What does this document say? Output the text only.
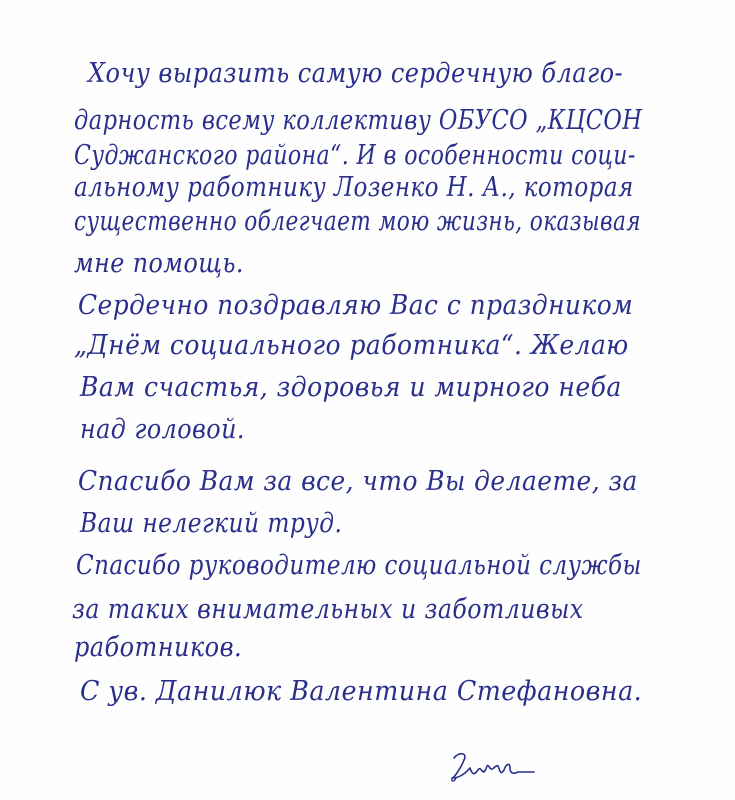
Хочу выразить самую сердечную благо-
дарность всему коллективу ОБУСО „КЦСОН
Суджанского района“. И в особенности соци-
альному работнику Лозенко Н. А., которая
существенно облегчает мою жизнь, оказывая
мне помощь.
Сердечно поздравляю Вас с праздником
„Днём социального работника“. Желаю
Вам счастья, здоровья и мирного неба
над головой.
Спасибо Вам за все, что Вы делаете, за
Ваш нелегкий труд.
Спасибо руководителю социальной службы
за таких внимательных и заботливых
работников.
С ув. Данилюк Валентина Стефановна.
